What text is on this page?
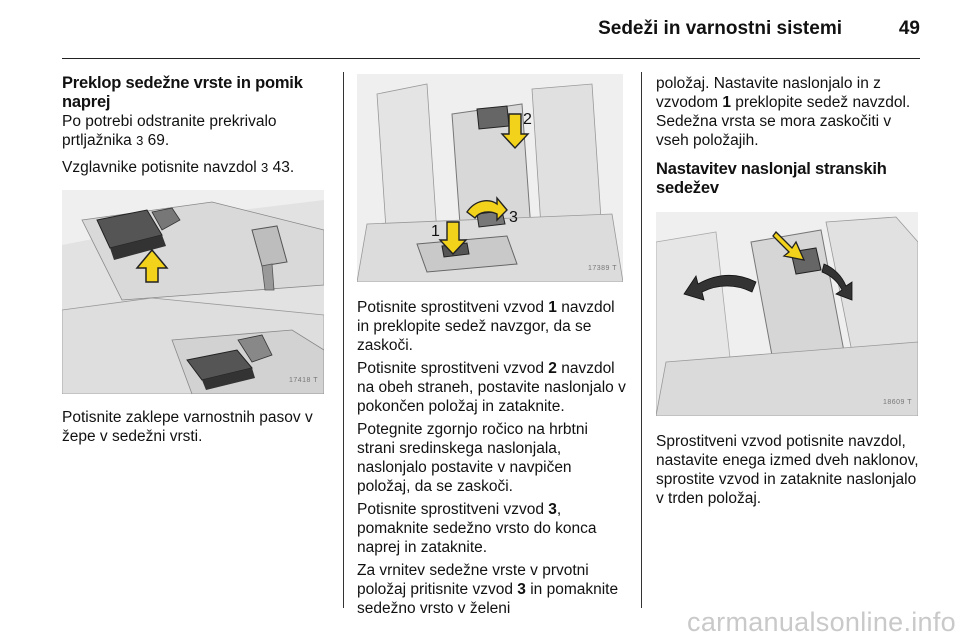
Sedeži in varnostni sistemi	49
Preklop sedežne vrste in pomik naprej
Po potrebi odstranite prekrivalo prtljažnika 3 69.
Vzglavnike potisnite navzdol 3 43.
17418 T
Potisnite zaklepe varnostnih pasov v žepe v sedežni vrsti.
2
1
3
17389 T
Potisnite sprostitveni vzvod 1 navzdol in preklopite sedež navzgor, da se zaskoči.
Potisnite sprostitveni vzvod 2 navzdol na obeh straneh, postavite naslonjalo v pokončen položaj in zataknite.
Potegnite zgornjo ročico na hrbtni strani sredinskega naslonjala, naslonjalo postavite v navpičen položaj, da se zaskoči.
Potisnite sprostitveni vzvod 3, pomaknite sedežno vrsto do konca naprej in zataknite.
Za vrnitev sedežne vrste v prvotni položaj pritisnite vzvod 3 in pomaknite sedežno vrsto v želeni
položaj. Nastavite naslonjalo in z vzvodom 1 preklopite sedež navzdol. Sedežna vrsta se mora zaskočiti v vseh položajih.
Nastavitev naslonjal stranskih sedežev
18609 T
Sprostitveni vzvod potisnite navzdol, nastavite enega izmed dveh naklonov, sprostite vzvod in zataknite naslonjalo v trden položaj.
carmanualsonline.info
